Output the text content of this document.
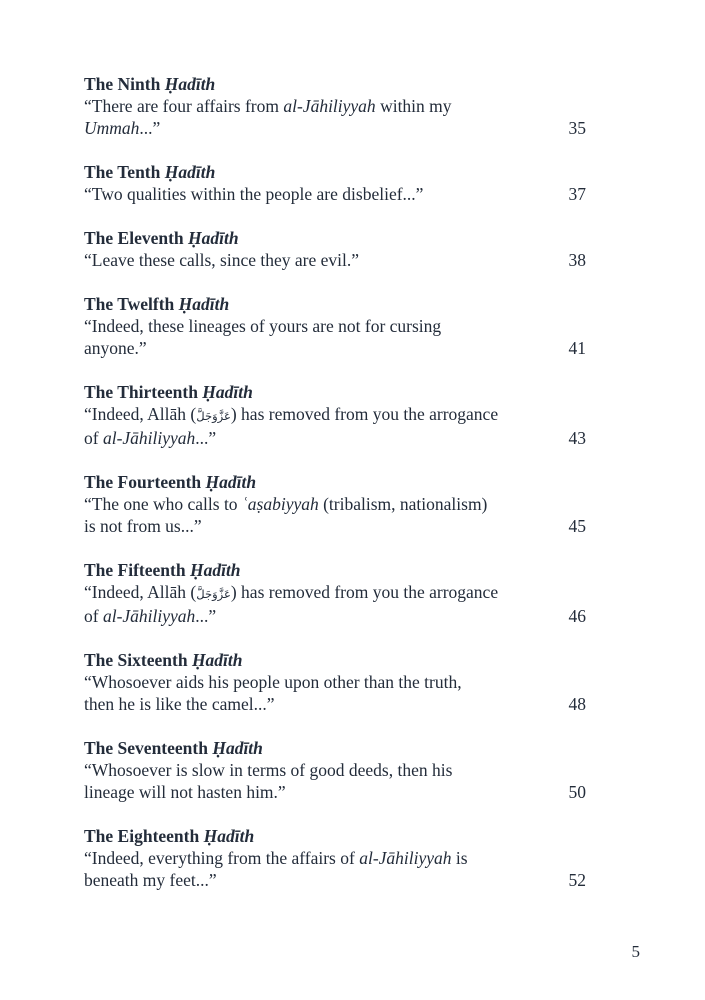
The Ninth Ḥadīth
“There are four affairs from al-Jāhiliyyah within my
Ummah...”	35
The Tenth Ḥadīth
“Two qualities within the people are disbelief...”	37
The Eleventh Ḥadīth
“Leave these calls, since they are evil.”	38
The Twelfth Ḥadīth
“Indeed, these lineages of yours are not for cursing
anyone.”	41
The Thirteenth Ḥadīth
“Indeed, Allāh (عَزَّوَجَلَّ) has removed from you the arrogance
of al-Jāhiliyyah...”	43
The Fourteenth Ḥadīth
“The one who calls to ʿaṣabiyyah (tribalism, nationalism)
is not from us...”	45
The Fifteenth Ḥadīth
“Indeed, Allāh (عَزَّوَجَلَّ) has removed from you the arrogance
of al-Jāhiliyyah...”	46
The Sixteenth Ḥadīth
“Whosoever aids his people upon other than the truth,
then he is like the camel...”	48
The Seventeenth Ḥadīth
“Whosoever is slow in terms of good deeds, then his
lineage will not hasten him.”	50
The Eighteenth Ḥadīth
“Indeed, everything from the affairs of al-Jāhiliyyah is
beneath my feet...”	52
5
